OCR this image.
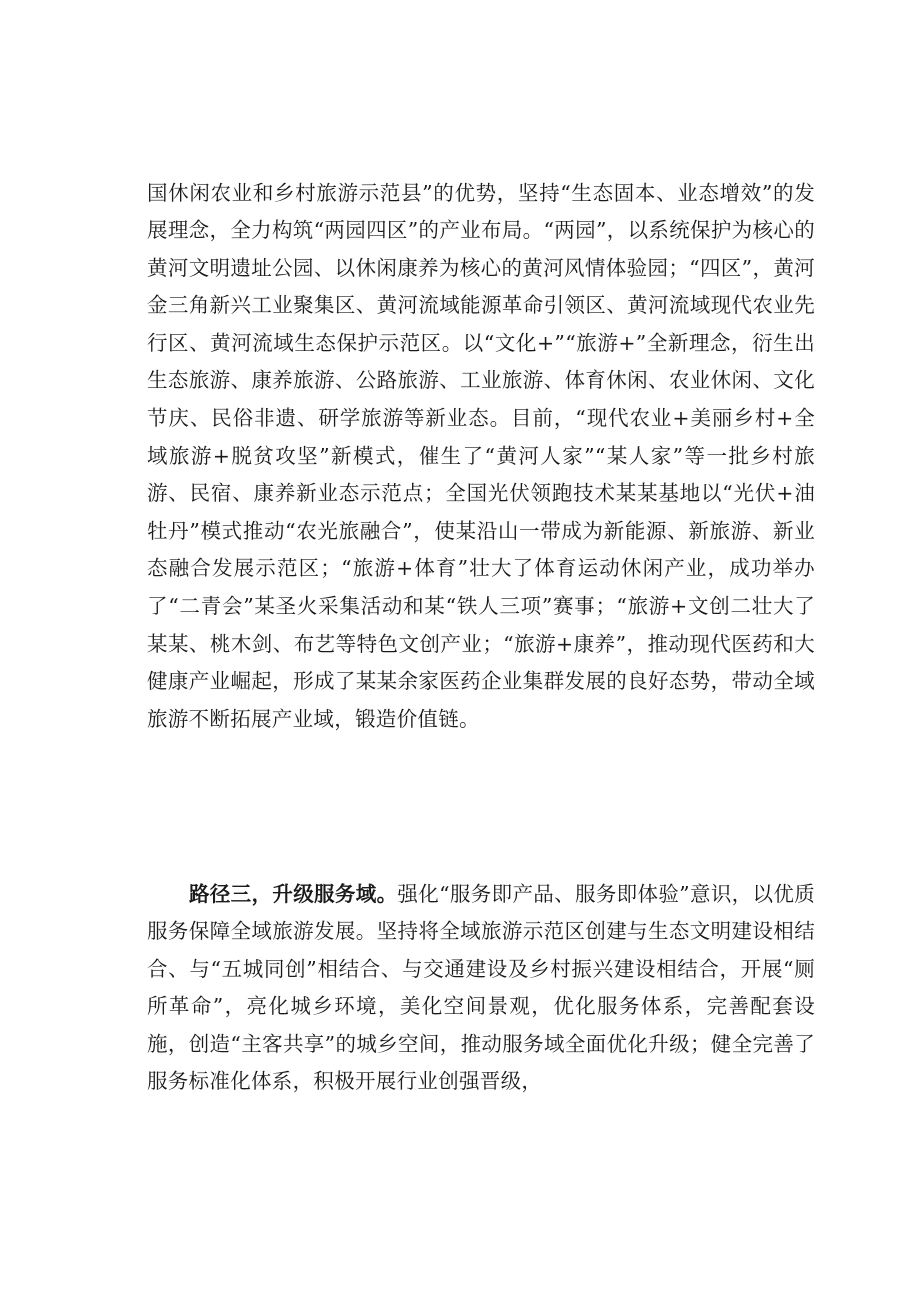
国休闲农业和乡村旅游示范县”的优势，坚持“生态固本、业态增效”的发展理念，全力构筑“两园四区”的产业布局。“两园”，以系统保护为核心的黄河文明遗址公园、以休闲康养为核心的黄河风情体验园；“四区”，黄河金三角新兴工业聚集区、黄河流域能源革命引领区、黄河流域现代农业先行区、黄河流域生态保护示范区。以“文化+”“旅游+”全新理念，衍生出生态旅游、康养旅游、公路旅游、工业旅游、体育休闲、农业休闲、文化节庆、民俗非遗、研学旅游等新业态。目前，“现代农业+美丽乡村+全域旅游+脱贫攻坚”新模式，催生了“黄河人家”“某人家”等一批乡村旅游、民宿、康养新业态示范点；全国光伏领跑技术某某基地以“光伏+油牡丹”模式推动“农光旅融合”，使某沿山一带成为新能源、新旅游、新业态融合发展示范区；“旅游+体育”壮大了体育运动休闲产业，成功举办了“二青会”某圣火采集活动和某“铁人三项”赛事；“旅游+文创二壮大了某某、桃木剑、布艺等特色文创产业；“旅游+康养”，推动现代医药和大健康产业崛起，形成了某某余家医药企业集群发展的良好态势，带动全域旅游不断拓展产业域，锻造价值链。

路径三，升级服务域。强化“服务即产品、服务即体验”意识，以优质服务保障全域旅游发展。坚持将全域旅游示范区创建与生态文明建设相结合、与“五城同创”相结合、与交通建设及乡村振兴建设相结合，开展“厕所革命”，亮化城乡环境，美化空间景观，优化服务体系，完善配套设施，创造“主客共享”的城乡空间，推动服务域全面优化升级；健全完善了服务标准化体系，积极开展行业创强晋级，
